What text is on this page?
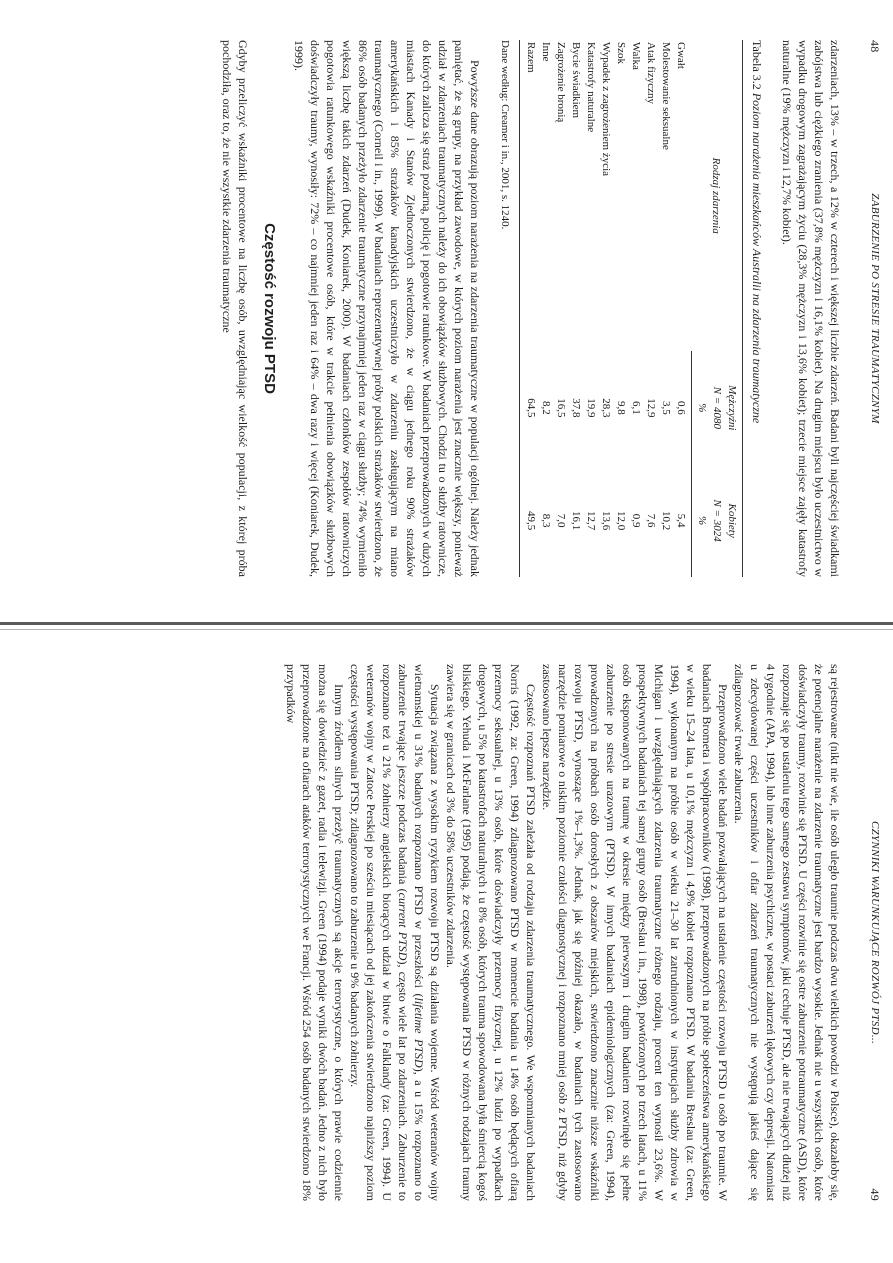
48
ZABURZENIE PO STRESIE TRAUMATYCZNYM

zdarzeniach, 13% – w trzech, a 12% w czterech i większej liczbie zdarzeń. Badani byli najczęściej świadkami zabójstwa lub ciężkiego zranienia (37,8% mężczyzn i 16,1% kobiet). Na drugim miejscu było uczestnictwo w wypadku drogowym zagrażającym życiu (28,3% mężczyzn i 13,6% kobiet); trzecie miejsce zajęły katastrofy naturalne (19% mężczyzn i 12,7% kobiet).

Tabela 3.2 Poziom narażenia mieszkańców Australii na zdarzenia traumatyczne
Rodzaj zdarzenia	Mężczyźni	Kobiety
	N = 4080	N = 3024
	%	%
Gwałt	0,6	5,4
Molestowanie seksualne	3,5	10,2
Atak fizyczny	12,9	7,6
Walka	6,1	0,9
Szok	9,8	12,0
Wypadek z zagrożeniem życia	28,3	13,6
Katastrofy naturalne	19,9	12,7
Bycie świadkiem	37,8	16,1
Zagrożenie bronią	16,5	7,0
Inne	8,2	8,3
Razem	64,5	49,5
Dane według: Creamer i in., 2001, s. 1240.

Powyższe dane obrazują poziom narażenia na zdarzenia traumatyczne w populacji ogólnej. Należy jednak pamiętać, że są grupy, na przykład zawodowe, w których poziom narażenia jest znacznie większy, ponieważ udział w zdarzeniach traumatycznych należy do ich obowiązków służbowych. Chodzi tu o służby ratownicze, do których zalicza się straż pożarną, policję i pogotowie ratunkowe. W badaniach przeprowadzonych w dużych miastach Kanady i Stanów Zjednoczonych stwierdzono, że w ciągu jednego roku 90% strażaków amerykańskich i 85% strażaków kanadyjskich uczestniczyło w zdarzeniu zasługującym na miano traumatycznego (Corneil i in., 1999). W badaniach reprezentatywnej próby polskich strażaków stwierdzono, że 86% osób badanych przeżyło zdarzenie traumatyczne przynajmniej jeden raz w ciągu służby; 74% wymieniło większą liczbę takich zdarzeń (Dudek, Koniarek, 2000). W badaniach członków zespołów ratowniczych pogotowia ratunkowego wskaźniki procentowe osób, które w trakcie pełnienia obowiązków służbowych doświadczyły traumy, wynosiły: 72% – co najmniej jeden raz i 64% – dwa razy i więcej (Koniarek, Dudek, 1999).

Częstość rozwoju PTSD

Gdyby przeliczyć wskaźniki procentowe na liczbę osób, uwzględniając wielkość populacji, z której próba pochodziła, oraz to, że nie wszystkie zdarzenia traumatyczne

CZYNNIKI WARUNKUJĄCE ROZWÓJ PTSD...
49

są rejestrowane (nikt nie wie, ile osób uległo traumie podczas dwu wielkich powodzi w Polsce), okazałoby się, że potencjalne narażenie na zdarzenie traumatyczne jest bardzo wysokie. Jednak nie u wszystkich osób, które doświadczyły traumy, rozwinie się PTSD. U części rozwinie się ostre zaburzenie potraumatyczne (ASD), które rozpoznaje się po ustaleniu tego samego zestawu symptomów, jaki cechuje PTSD, ale nie trwających dłużej niż 4 tygodnie (APA, 1994), lub inne zaburzenia psychiczne, w postaci zaburzeń lękowych czy depresji. Natomiast u zdecydowanej części uczestników i ofiar zdarzeń traumatycznych nie występują jakieś dające się zdiagnozować trwałe zaburzenia.

Przeprowadzono wiele badań pozwalających na ustalenie częstości rozwoju PTSD u osób po traumie. W badaniach Brometa i współpracowników (1998), przeprowadzonych na próbie społeczeństwa amerykańskiego w wieku 15–24 lata, u 10,1% mężczyzn i 4,9% kobiet rozpoznano PTSD. W badaniu Breslau (za: Green, 1994), wykonanym na próbie osób w wieku 21–30 lat zatrudnionych w instytucjach służby zdrowia w Michigan i uwzględniających zdarzenia traumatyczne różnego rodzaju, procent ten wynosił 23,6%. W prospektywnych badaniach tej samej grupy osób (Breslau i in., 1998), powtórzonych po trzech latach, u 11% osób eksponowanych na traumę w okresie między pierwszym i drugim badaniem rozwinęło się pełne zaburzenie po stresie urazowym (PTSD). W innych badaniach epidemiologicznych (za: Green, 1994), prowadzonych na próbach osób dorosłych z obszarów miejskich, stwierdzono znacznie niższe wskaźniki rozwoju PTSD, wynoszące 1%–1,3%. Jednak, jak się później okazało, w badaniach tych zastosowano narzędzie pomiarowe o niskim poziomie czułości diagnostycznej i rozpoznano mniej osób z PTSD, niż gdyby zastosowano lepsze narzędzie.

Częstość rozpoznań PTSD zależała od rodzaju zdarzenia traumatycznego. We wspomnianych badaniach Norris (1992, za: Green, 1994) zdiagnozowano PTSD w momencie badania u 14% osób będących ofiarą przemocy seksualnej, u 13% osób, które doświadczyły przemocy fizycznej, u 12% ludzi po wypadkach drogowych, u 5% po katastrofach naturalnych i u 8% osób, których trauma spowodowana była śmiercią kogoś bliskiego. Yehuda i McFarlane (1995) podają, że częstość występowania PTSD w różnych rodzajach traumy zawiera się w granicach od 3% do 58% uczestników zdarzenia.

Sytuacja związana z wysokim ryzykiem rozwoju PTSD są działania wojenne. Wśród weteranów wojny wietnamskiej u 31% badanych rozpoznano PTSD w przeszłości (lifetime PTSD), a u 15% rozpoznano to zaburzenie trwające jeszcze podczas badania (current PTSD), często wiele lat po zdarzeniach. Zaburzenie to rozpoznano też u 21% żołnierzy angielskich biorących udział w bitwie o Falklandy (za: Green, 1994). U weteranów wojny w Zatoce Perskiej po sześciu miesiącach od jej zakończenia stwierdzono najniższy poziom częstości występowania PTSD; zdiagnozowano to zaburzenie u 9% badanych żołnierzy.

Innym źródłem silnych przeżyć traumatycznych są akcje terrorystyczne, o których prawie codziennie można się dowiedzieć z gazet, radia i telewizji. Green (1994) podaje wyniki dwóch badań. Jedno z nich było przeprowadzone na ofiarach ataków terrorystycznych we Francji. Wśród 254 osób badanych stwierdzono 18% przypadków
